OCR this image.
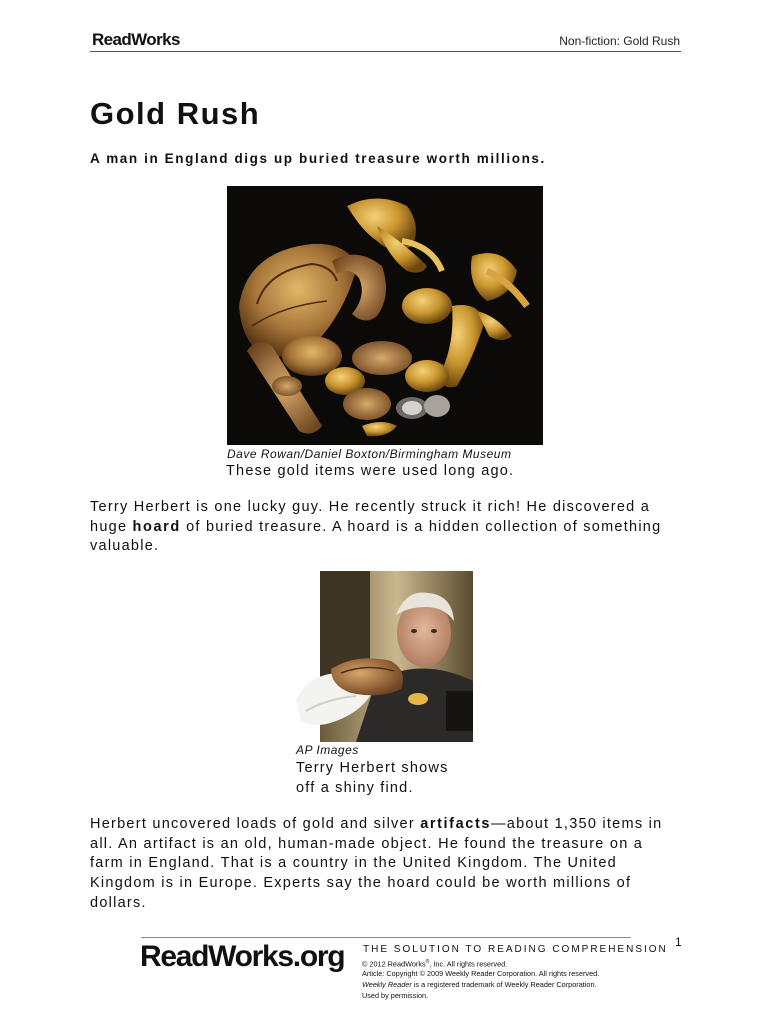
ReadWorks	Non-fiction: Gold Rush
Gold Rush
A man in England digs up buried treasure worth millions.
Dave Rowan/Daniel Boxton/Birmingham Museum
These gold items were used long ago.

Terry Herbert is one lucky guy. He recently struck it rich! He discovered a huge hoard of buried treasure. A hoard is a hidden collection of something valuable.

AP Images
Terry Herbert shows
off a shiny find.

Herbert uncovered loads of gold and silver artifacts—about 1,350 items in all. An artifact is an old, human-made object. He found the treasure on a farm in England. That is a country in the United Kingdom. The United Kingdom is in Europe. Experts say the hoard could be worth millions of dollars.

1
ReadWorks.org THE SOLUTION TO READING COMPREHENSION
© 2012 ReadWorks®, Inc. All rights reserved.
Article: Copyright © 2009 Weekly Reader Corporation. All rights reserved.
Weekly Reader is a registered trademark of Weekly Reader Corporation.
Used by permission.
